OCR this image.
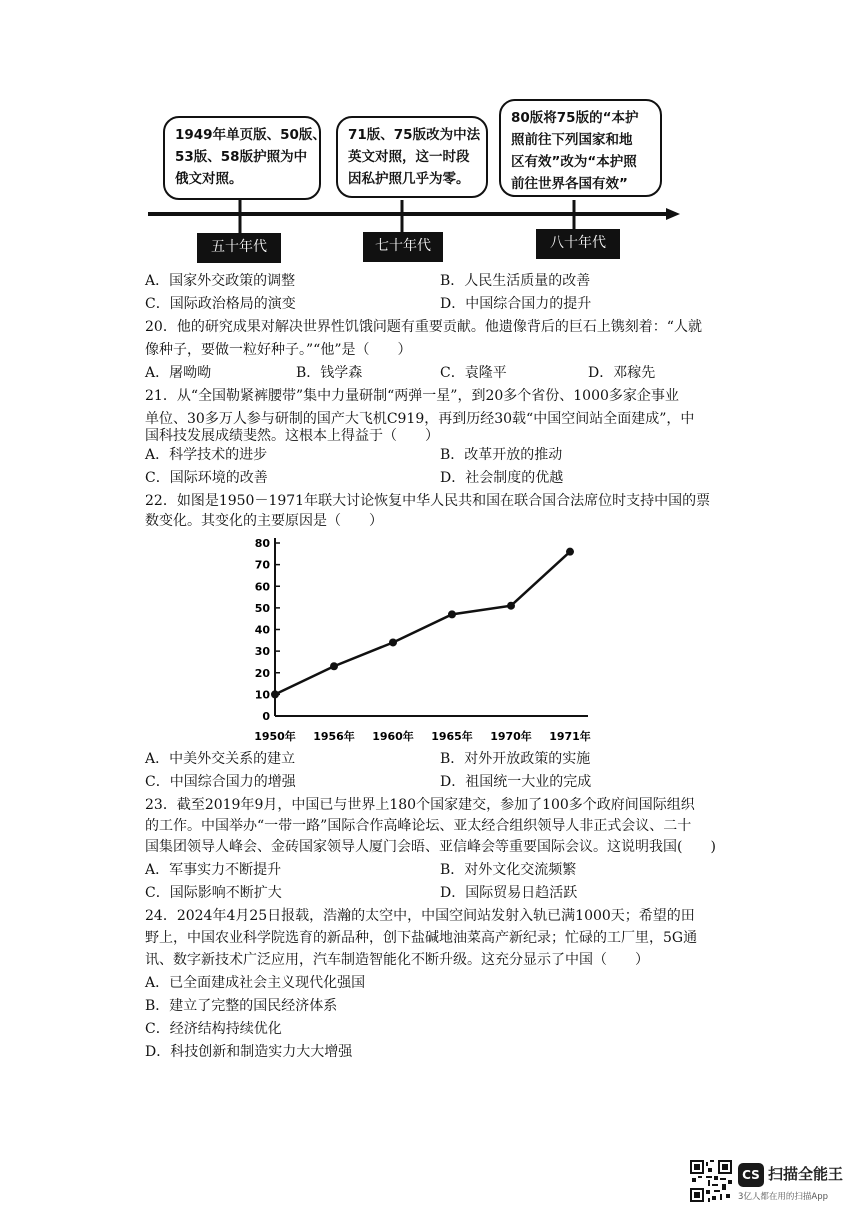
1949年单页版、50版、
53版、58版护照为中
俄文对照。
71版、75版改为中法
英文对照，这一时段
因私护照几乎为零。
80版将75版的“本护
照前往下列国家和地
区有效”改为“本护照
前往世界各国有效”
五十年代	七十年代	八十年代
A．国家外交政策的调整	B．人民生活质量的改善
C．国际政治格局的演变	D．中国综合国力的提升
20．他的研究成果对解决世界性饥饿问题有重要贡献。他遗像背后的巨石上镌刻着：“人就
像种子，要做一粒好种子。”“他”是（　　）
A．屠呦呦	B．钱学森	C．袁隆平	D．邓稼先
21．从“全国勒紧裤腰带”集中力量研制“两弹一星”，到20多个省份、1000多家企事业
单位、30多万人参与研制的国产大飞机C919，再到历经30载“中国空间站全面建成”，中
国科技发展成绩斐然。这根本上得益于（　　）
A．科学技术的进步	B．改革开放的推动
C．国际环境的改善	D．社会制度的优越
22．如图是1950－1971年联大讨论恢复中华人民共和国在联合国合法席位时支持中国的票
数变化。其变化的主要原因是（　　）
0
10
20
30
40
50
60
70
80
1950年 1956年 1960年 1965年 1970年 1971年
A．中美外交关系的建立	B．对外开放政策的实施
C．中国综合国力的增强	D．祖国统一大业的完成
23．截至2019年9月，中国已与世界上180个国家建交，参加了100多个政府间国际组织
的工作。中国举办“一带一路”国际合作高峰论坛、亚太经合组织领导人非正式会议、二十
国集团领导人峰会、金砖国家领导人厦门会晤、亚信峰会等重要国际会议。这说明我国(　　)
A．军事实力不断提升	B．对外文化交流频繁
C．国际影响不断扩大	D．国际贸易日趋活跃
24．2024年4月25日报载，浩瀚的太空中，中国空间站发射入轨已满1000天；希望的田
野上，中国农业科学院选育的新品种，创下盐碱地油菜高产新纪录；忙碌的工厂里，5G通
讯、数字新技术广泛应用，汽车制造智能化不断升级。这充分显示了中国（　　）
A．已全面建成社会主义现代化强国
B．建立了完整的国民经济体系
C．经济结构持续优化
D．科技创新和制造实力大大增强
CS 扫描全能王
3亿人都在用的扫描App
